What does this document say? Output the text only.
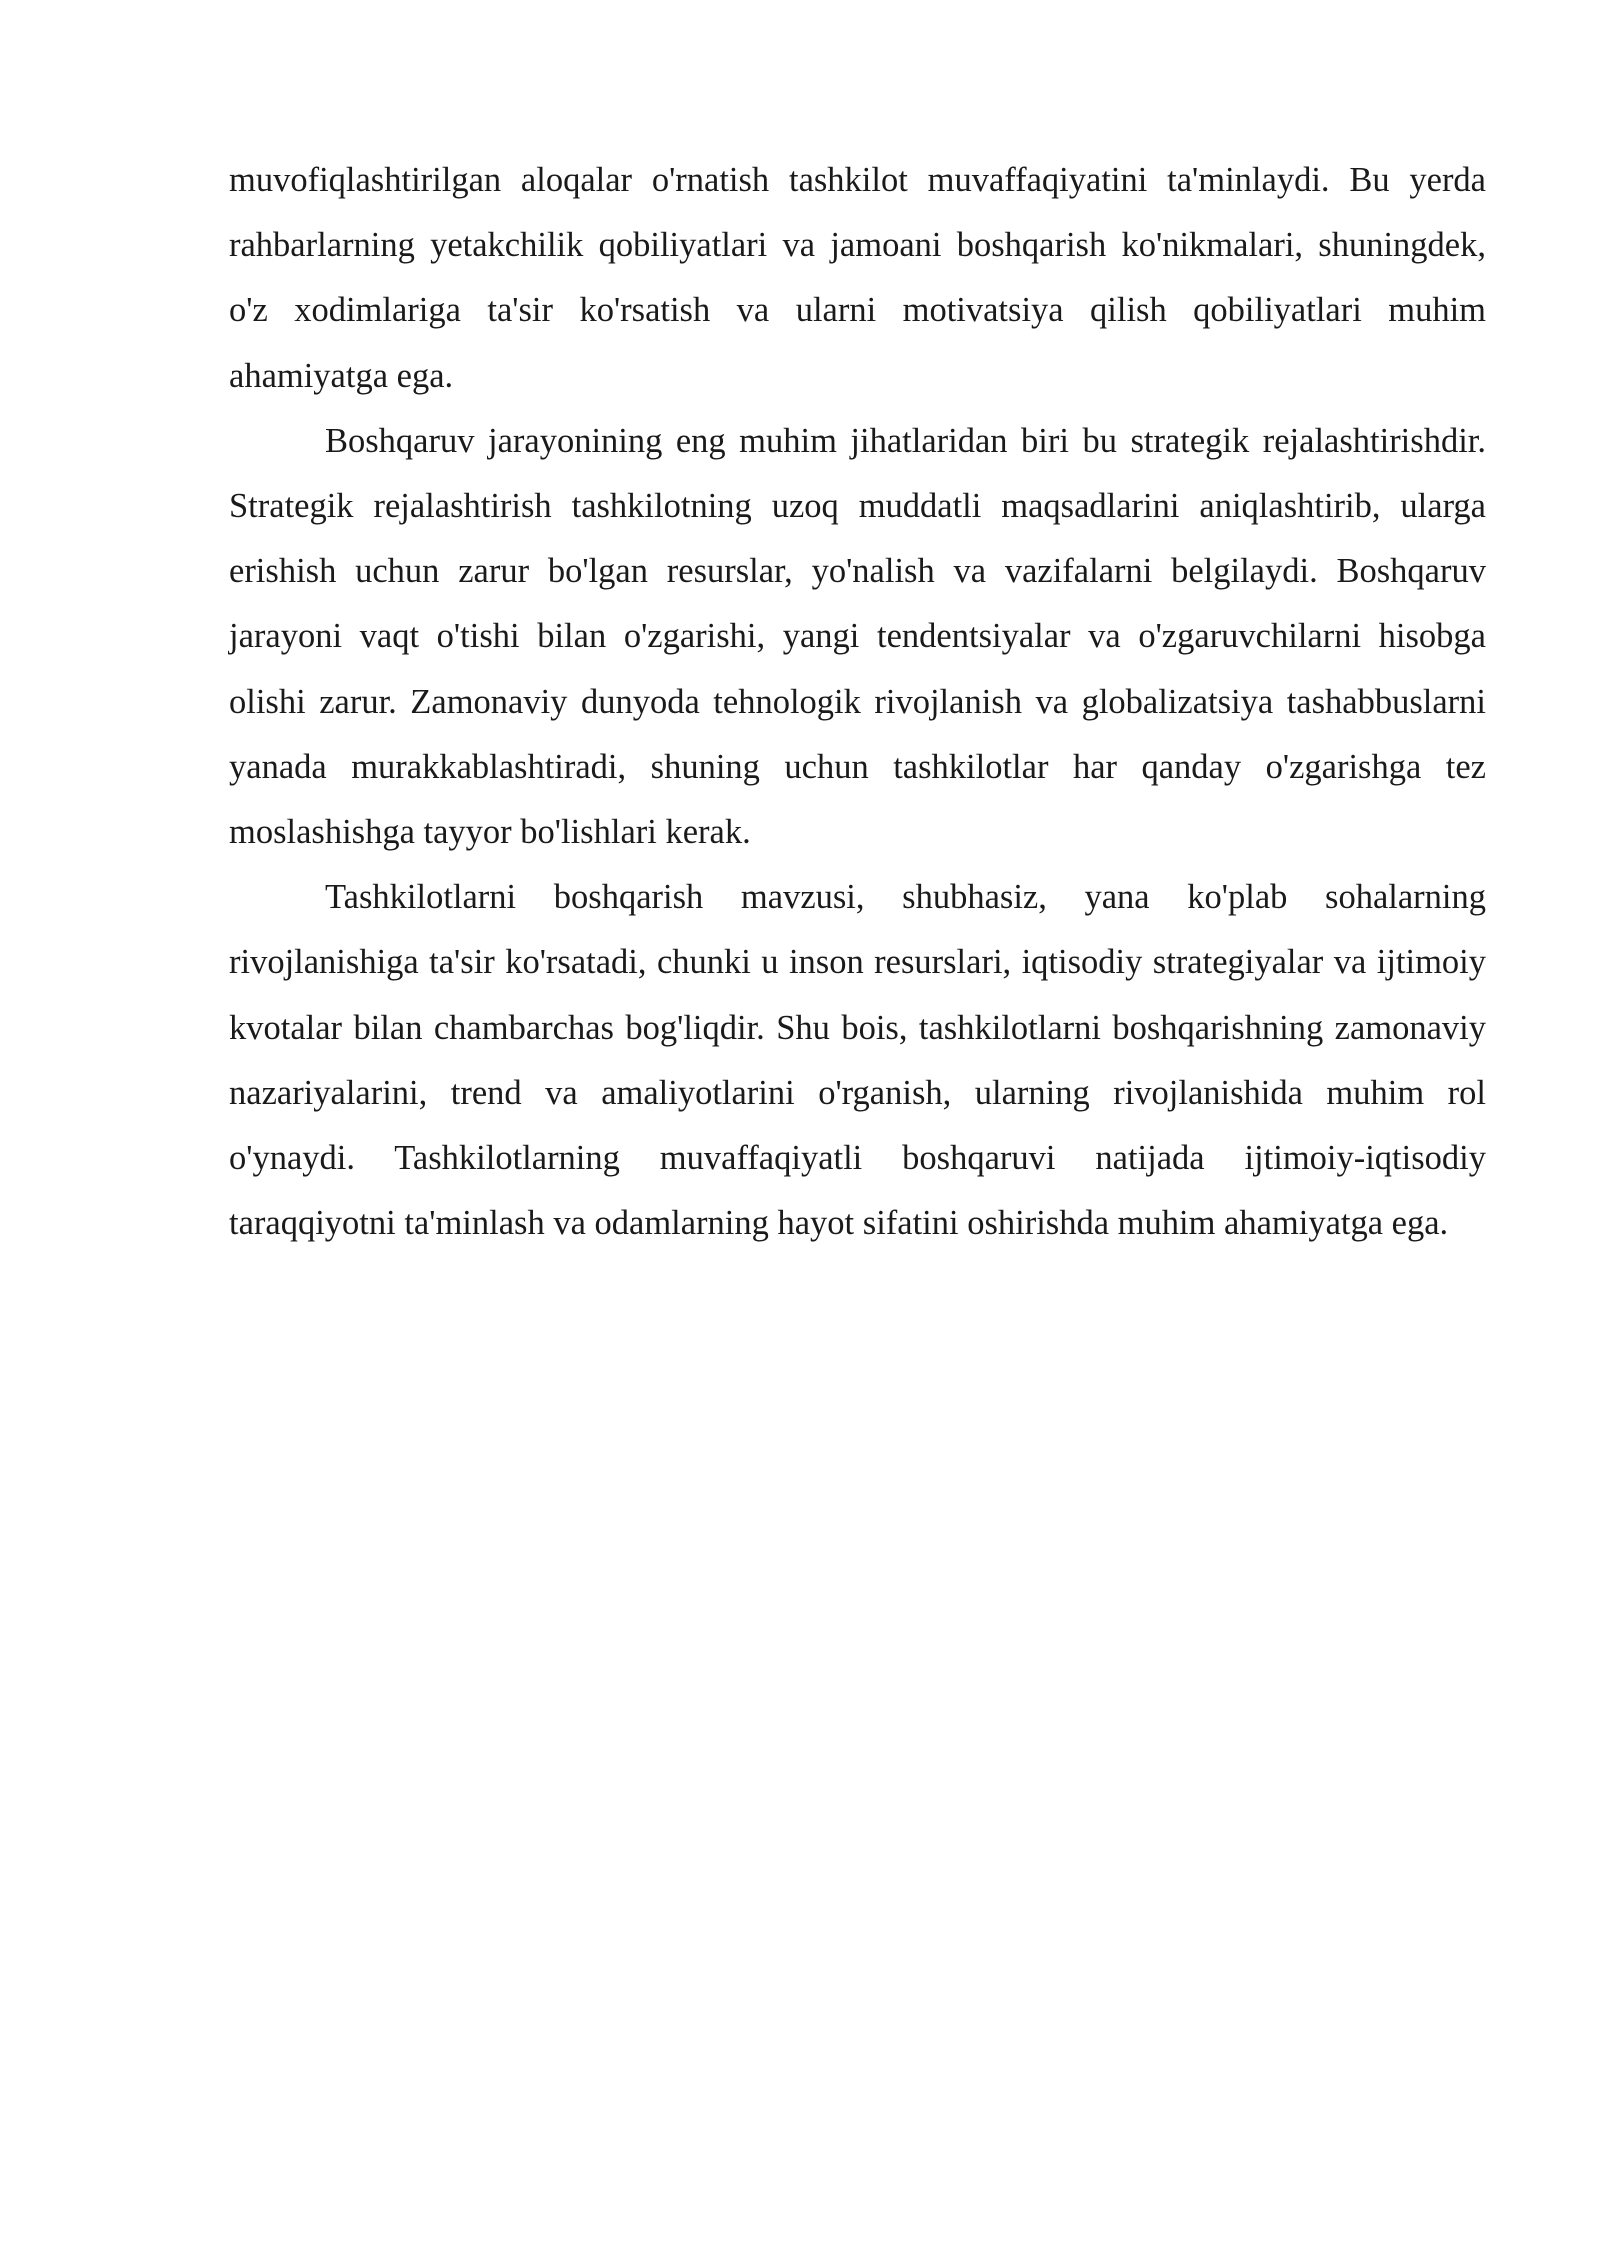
muvofiqlashtirilgan aloqalar o'rnatish tashkilot muvaffaqiyatini ta'minlaydi. Bu yerda rahbarlarning yetakchilik qobiliyatlari va jamoani boshqarish ko'nikmalari, shuningdek, o'z xodimlariga ta'sir ko'rsatish va ularni motivatsiya qilish qobiliyatlari muhim ahamiyatga ega.

Boshqaruv jarayonining eng muhim jihatlaridan biri bu strategik rejalashtirishdir. Strategik rejalashtirish tashkilotning uzoq muddatli maqsadlarini aniqlashtirib, ularga erishish uchun zarur bo'lgan resurslar, yo'nalish va vazifalarni belgilaydi. Boshqaruv jarayoni vaqt o'tishi bilan o'zgarishi, yangi tendentsiyalar va o'zgaruvchilarni hisobga olishi zarur. Zamonaviy dunyoda tehnologik rivojlanish va globalizatsiya tashabbuslarni yanada murakkablashtiradi, shuning uchun tashkilotlar har qanday o'zgarishga tez moslashishga tayyor bo'lishlari kerak.

Tashkilotlarni boshqarish mavzusi, shubhasiz, yana ko'plab sohalarning rivojlanishiga ta'sir ko'rsatadi, chunki u inson resurslari, iqtisodiy strategiyalar va ijtimoiy kvotalar bilan chambarchas bog'liqdir. Shu bois, tashkilotlarni boshqarishning zamonaviy nazariyalarini, trend va amaliyotlarini o'rganish, ularning rivojlanishida muhim rol o'ynaydi. Tashkilotlarning muvaffaqiyatli boshqaruvi natijada ijtimoiy-iqtisodiy taraqqiyotni ta'minlash va odamlarning hayot sifatini oshirishda muhim ahamiyatga ega.
